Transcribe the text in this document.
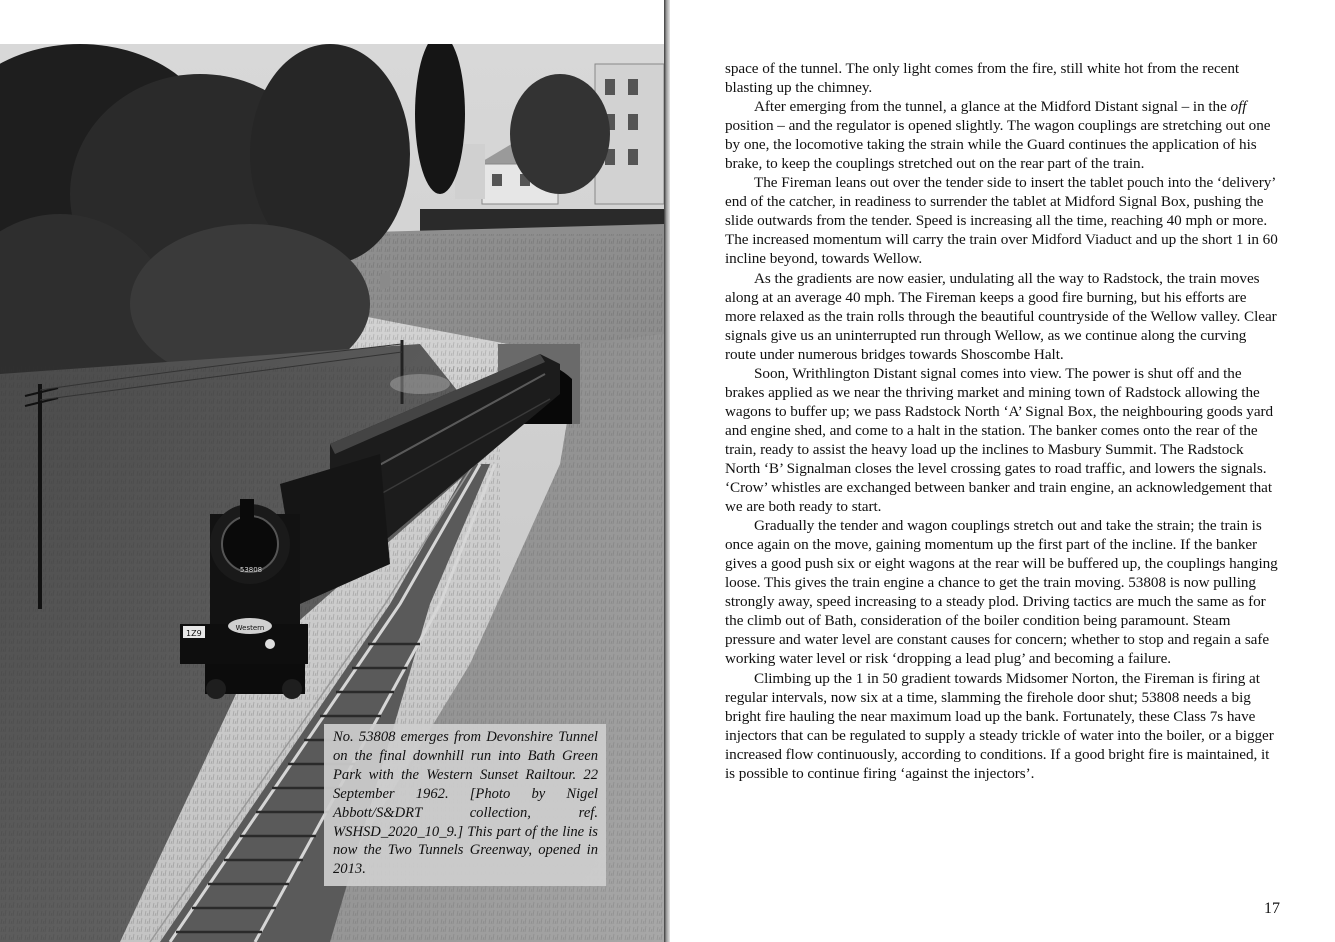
1Z9
Western
53808

No. 53808 emerges from Devonshire Tunnel on the final downhill run into Bath Green Park with the Western Sunset Railtour. 22 September 1962. [Photo by Nigel Abbott/S&DRT collection, ref. WSHSD_2020_10_9.] This part of the line is now the Two Tunnels Greenway, opened in 2013.

space of the tunnel. The only light comes from the fire, still white hot from the recent blasting up the chimney.

After emerging from the tunnel, a glance at the Midford Distant signal – in the off position – and the regulator is opened slightly. The wagon couplings are stretching out one by one, the locomotive taking the strain while the Guard continues the application of his brake, to keep the couplings stretched out on the rear part of the train.

The Fireman leans out over the tender side to insert the tablet pouch into the ‘delivery’ end of the catcher, in readiness to surrender the tablet at Midford Signal Box, pushing the slide outwards from the tender. Speed is increasing all the time, reaching 40 mph or more. The increased momentum will carry the train over Midford Viaduct and up the short 1 in 60 incline beyond, towards Wellow.

As the gradients are now easier, undulating all the way to Radstock, the train moves along at an average 40 mph. The Fireman keeps a good fire burning, but his efforts are more relaxed as the train rolls through the beautiful countryside of the Wellow valley. Clear signals give us an uninterrupted run through Wellow, as we continue along the curving route under numerous bridges towards Shoscombe Halt.

Soon, Writhlington Distant signal comes into view. The power is shut off and the brakes applied as we near the thriving market and mining town of Radstock allowing the wagons to buffer up; we pass Radstock North ‘A’ Signal Box, the neighbouring goods yard and engine shed, and come to a halt in the station. The banker comes onto the rear of the train, ready to assist the heavy load up the inclines to Masbury Summit. The Radstock North ‘B’ Signalman closes the level crossing gates to road traffic, and lowers the signals. ‘Crow’ whistles are exchanged between banker and train engine, an acknowledgement that we are both ready to start.

Gradually the tender and wagon couplings stretch out and take the strain; the train is once again on the move, gaining momentum up the first part of the incline. If the banker gives a good push six or eight wagons at the rear will be buffered up, the couplings hanging loose. This gives the train engine a chance to get the train moving. 53808 is now pulling strongly away, speed increasing to a steady plod. Driving tactics are much the same as for the climb out of Bath, consideration of the boiler condition being paramount. Steam pressure and water level are constant causes for concern; whether to stop and regain a safe working water level or risk ‘dropping a lead plug’ and becoming a failure.

Climbing up the 1 in 50 gradient towards Midsomer Norton, the Fireman is firing at regular intervals, now six at a time, slamming the firehole door shut; 53808 needs a big bright fire hauling the near maximum load up the bank. Fortunately, these Class 7s have injectors that can be regulated to supply a steady trickle of water into the boiler, or a bigger increased flow continuously, according to conditions. If a good bright fire is maintained, it is possible to continue firing ‘against the injectors’.

17
